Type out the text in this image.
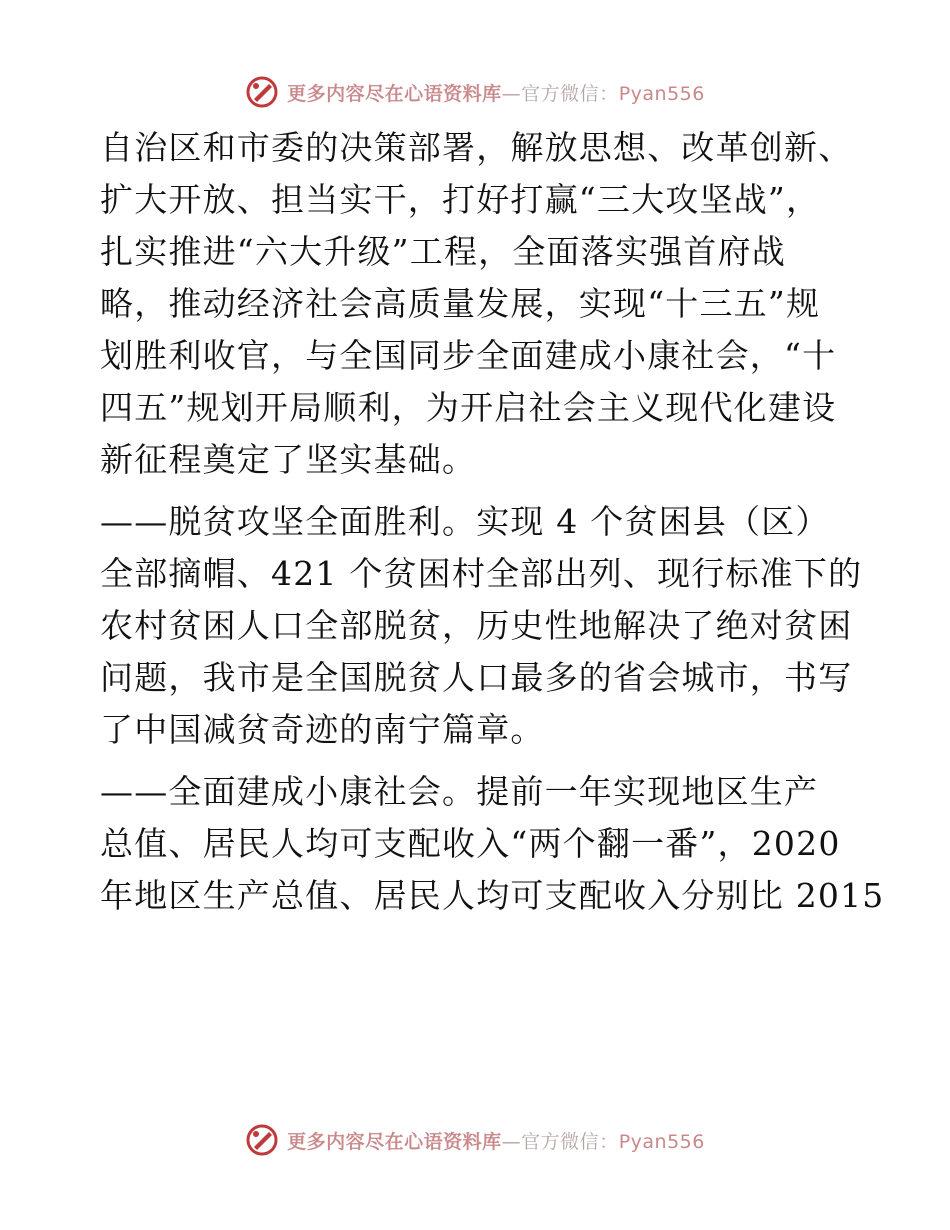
更多内容尽在心语资料库—官方微信：Pyan556

自治区和市委的决策部署，解放思想、改革创新、
扩大开放、担当实干，打好打赢“三大攻坚战”，
扎实推进“六大升级”工程，全面落实强首府战
略，推动经济社会高质量发展，实现“十三五”规
划胜利收官，与全国同步全面建成小康社会，“十
四五”规划开局顺利，为开启社会主义现代化建设
新征程奠定了坚实基础。

——脱贫攻坚全面胜利。实现 4 个贫困县（区）
全部摘帽、421 个贫困村全部出列、现行标准下的
农村贫困人口全部脱贫，历史性地解决了绝对贫困
问题，我市是全国脱贫人口最多的省会城市，书写
了中国减贫奇迹的南宁篇章。

——全面建成小康社会。提前一年实现地区生产
总值、居民人均可支配收入“两个翻一番”，2020
年地区生产总值、居民人均可支配收入分别比 2015

更多内容尽在心语资料库—官方微信：Pyan556
